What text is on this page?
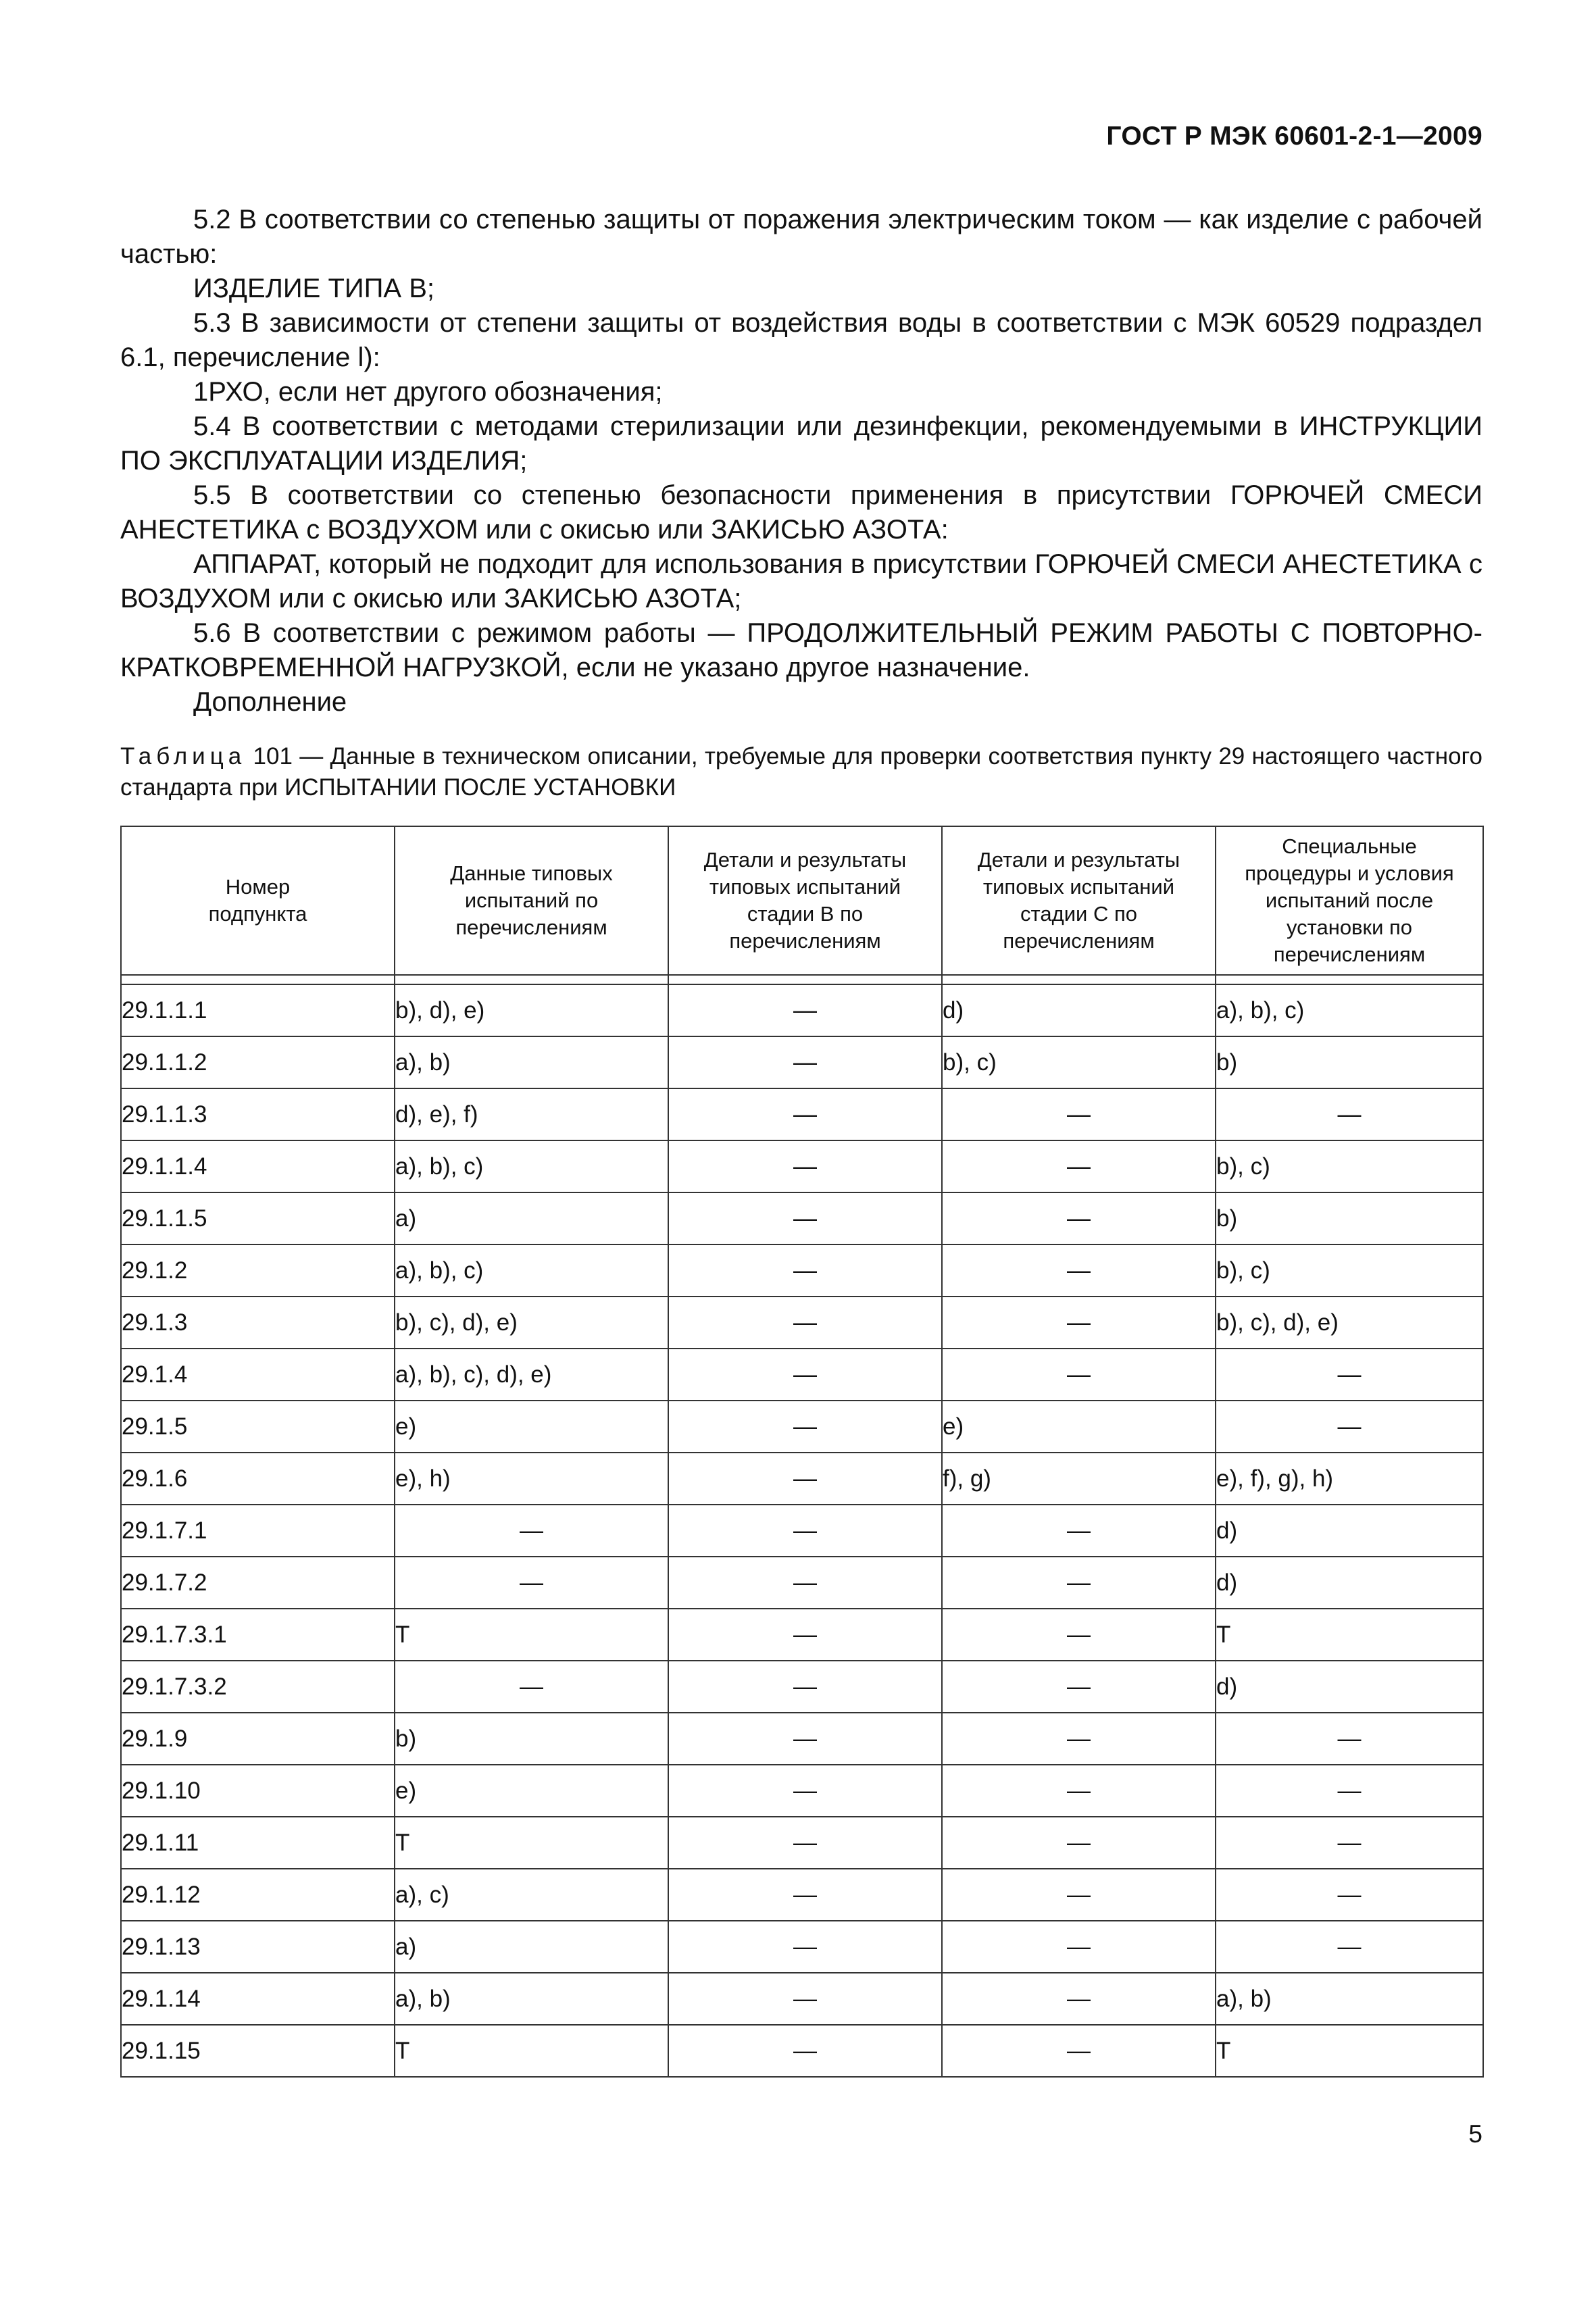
ГОСТ Р МЭК 60601-2-1—2009

5.2 В соответствии со степенью защиты от поражения электрическим током — как изделие с рабочей частью:

ИЗДЕЛИЕ ТИПА В;

5.3 В зависимости от степени защиты от воздействия воды в соответствии с МЭК 60529 подраздел 6.1, перечисление l):

1РХО, если нет другого обозначения;

5.4 В соответствии с методами стерилизации или дезинфекции, рекомендуемыми в ИНСТРУКЦИИ ПО ЭКСПЛУАТАЦИИ ИЗДЕЛИЯ;

5.5 В соответствии со степенью безопасности применения в присутствии ГОРЮЧЕЙ СМЕСИ АНЕСТЕТИКА с ВОЗДУХОМ или с окисью или ЗАКИСЬЮ АЗОТА:

АППАРАТ, который не подходит для использования в присутствии ГОРЮЧЕЙ СМЕСИ АНЕСТЕТИКА с ВОЗДУХОМ или с окисью или ЗАКИСЬЮ АЗОТА;

5.6 В соответствии с режимом работы — ПРОДОЛЖИТЕЛЬНЫЙ РЕЖИМ РАБОТЫ С ПОВТОРНО-КРАТКОВРЕМЕННОЙ НАГРУЗКОЙ, если не указано другое назначение.

Дополнение

Таблица 101 — Данные в техническом описании, требуемые для проверки соответствия пункту 29 настоящего частного стандарта при ИСПЫТАНИИ ПОСЛЕ УСТАНОВКИ
Номер подпункта	Данные типовых испытаний по перечислениям	Детали и результаты типовых испытаний стадии B по перечислениям	Детали и результаты типовых испытаний стадии C по перечислениям	Специальные процедуры и условия испытаний после установки по перечислениям

29.1.1.1	b), d), e)	—	d)	a), b), c)
29.1.1.2	a), b)	—	b), c)	b)
29.1.1.3	d), e), f)	—	—	—
29.1.1.4	a), b), c)	—	—	b), c)
29.1.1.5	a)	—	—	b)
29.1.2	a), b), c)	—	—	b), c)
29.1.3	b), c), d), e)	—	—	b), c), d), e)
29.1.4	a), b), c), d), e)	—	—	—
29.1.5	e)	—	e)	—
29.1.6	e), h)	—	f), g)	e), f), g), h)
29.1.7.1	—	—	—	d)
29.1.7.2	—	—	—	d)
29.1.7.3.1	T	—	—	T
29.1.7.3.2	—	—	—	d)
29.1.9	b)	—	—	—
29.1.10	e)	—	—	—
29.1.11	T	—	—	—
29.1.12	a), c)	—	—	—
29.1.13	a)	—	—	—
29.1.14	a), b)	—	—	a), b)
29.1.15	T	—	—	T
5
